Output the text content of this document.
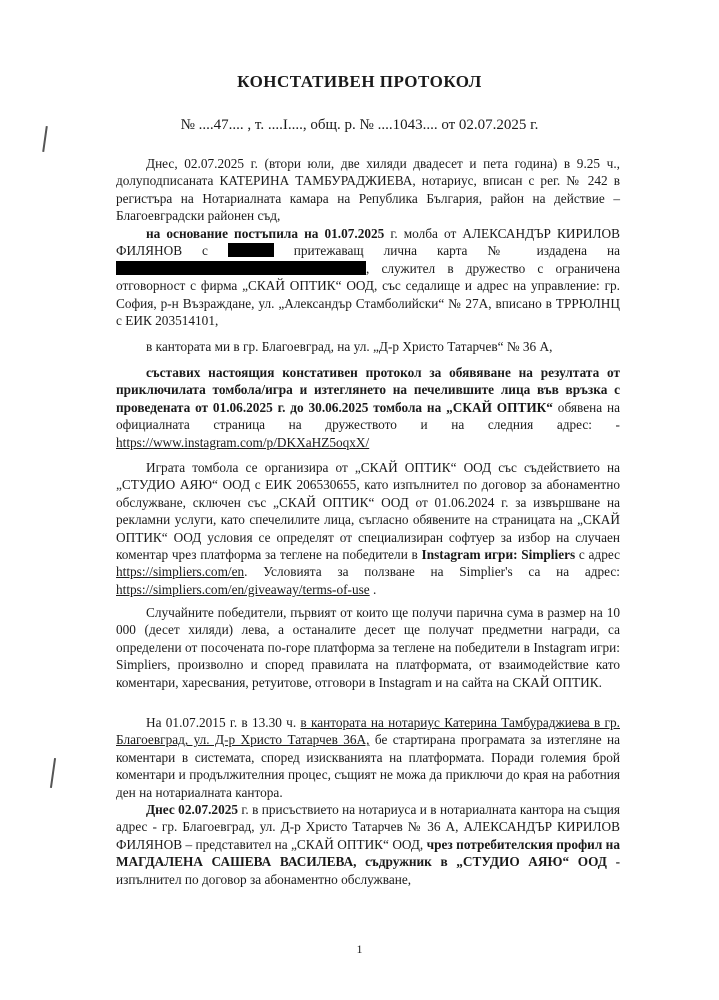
КОНСТАТИВЕН ПРОТОКОЛ
№ ....47.... , т. ....I...., общ. р. № ....1043.... от 02.07.2025 г.
Днес, 02.07.2025 г. (втори юли, две хиляди двадесет и пета година) в 9.25 ч., долуподписаната КАТЕРИНА ТАМБУРАДЖИЕВА, нотариус, вписан с рег. № 242 в регистъра на Нотариалната камара на Република България, район на действие – Благоевградски районен съд,
на основание постъпила на 01.07.2025 г. молба от АЛЕКСАНДЪР КИРИЛОВ ФИЛЯНОВ с	притежаващ лична карта № издадена на , служител в дружество с ограничена отговорност с фирма „СКАЙ ОПТИК“ ООД, със седалище и адрес на управление: гр. София, р-н Възраждане, ул. „Александър Стамболийски“ № 27А, вписано в ТРРЮЛНЦ с ЕИК 203514101,
в кантората ми в гр. Благоевград, на ул. „Д-р Христо Татарчев“ № 36 А,
съставих настоящия констативен протокол за обявяване на резултата от приключилата томбола/игра и изтеглянето на печелившите лица във връзка с проведената от 01.06.2025 г. до 30.06.2025 томбола на „СКАЙ ОПТИК“ обявена на официалната страница на дружеството и на следния адрес: - https://www.instagram.com/p/DKXaHZ5oqxX/
Играта томбола се организира от „СКАЙ ОПТИК“ ООД със съдействието на „СТУДИО АЯЮ“ ООД с ЕИК 206530655, като изпълнител по договор за абонаментно обслужване, сключен със „СКАЙ ОПТИК“ ООД от 01.06.2024 г. за извършване на рекламни услуги, като спечелилите лица, съгласно обявените на страницата на „СКАЙ ОПТИК“ ООД условия се определят от специализиран софтуер за избор на случаен коментар чрез платформа за теглене на победители в Instagram игри: Simpliers с адрес https://simpliers.com/en. Условията за ползване на Simplier's са на адрес: https://simpliers.com/en/giveaway/terms-of-use .
Случайните победители, първият от които ще получи парична сума в размер на 10 000 (десет хиляди) лева, а останалите десет ще получат предметни награди, са определени от посочената по-горе платформа за теглене на победители в Instagram игри: Simpliers, произволно и според правилата на платформата, от взаимодействие като коментари, харесвания, ретуитове, отговори в Instagram и на сайта на СКАЙ ОПТИК.
На 01.07.2015 г. в 13.30 ч. в кантората на нотариус Катерина Тамбураджиева в гр. Благоевград, ул. Д-р Христо Татарчев 36А, бе стартирана програмата за изтегляне на коментари в системата, според изискванията на платформата. Поради големия брой коментари и продължителния процес, същият не можа да приключи до края на работния ден на нотариалната кантора.
Днес 02.07.2025 г. в присъствието на нотариуса и в нотариалната кантора на същия адрес - гр. Благоевград, ул. Д-р Христо Татарчев № 36 А, АЛЕКСАНДЪР КИРИЛОВ ФИЛЯНОВ – представител на „СКАЙ ОПТИК“ ООД, чрез потребителския профил на МАГДАЛЕНА САШЕВА ВАСИЛЕВА, съдружник в „СТУДИО АЯЮ“ ООД - изпълнител по договор за абонаментно обслужване,
1
